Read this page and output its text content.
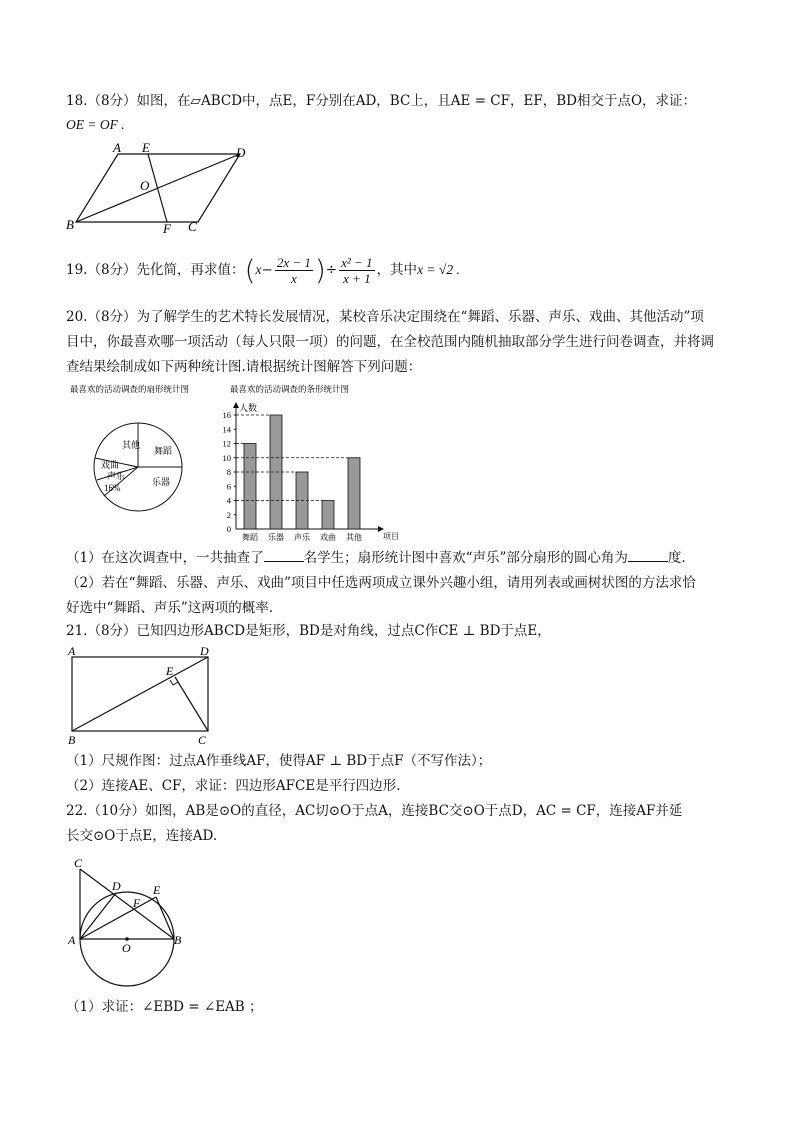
18.（8分）如图，在▱ABCD中，点E，F分别在AD，BC上，且AE = CF，EF，BD相交于点O，求证：
OE = OF .
A E	D
O
B	F C
19.（8分）先化简，再求值：($x- \frac{2x - 1}{x}$ )÷ $\frac{\text{x² − 1}}{x + 1}$ ，其中x = √2 .
20.（8分）为了解学生的艺术特长发展情况，某校音乐决定围绕在“舞蹈、乐器、声乐、戏曲、其他活动”项
目中，你最喜欢哪一项活动（每人只限一项）的问题，在全校范围内随机抽取部分学生进行问卷调查，并将调
查结果绘制成如下两种统计图.请根据统计图解答下列问题：
最喜欢的活动调查的扇形统计图
其他
舞蹈
乐器
声乐
16%
戏曲
最喜欢的活动调查的条形统计图
人数
项目
0
2
4
6
8
10
12
14
16
舞蹈 乐器 声乐 戏曲 其他
（1）在这次调查中，一共抽查了	名学生；扇形统计图中喜欢“声乐”部分扇形的圆心角为	度.
（2）若在“舞蹈、乐器、声乐、戏曲”项目中任选两项成立课外兴趣小组，请用列表或画树状图的方法求恰
好选中“舞蹈、声乐”这两项的概率.
21.（8分）已知四边形ABCD是矩形，BD是对角线，过点C作CE ⊥ BD于点E，
A	D
E
B	C
（1）尺规作图：过点A作垂线AF，使得AF ⊥ BD于点F（不写作法）；
（2）连接AE、CF，求证：四边形AFCE是平行四边形.
22.（10分）如图，AB是⊙O的直径，AC切⊙O于点A，连接BC交⊙O于点D，AC = CF，连接AF并延
长交⊙O于点E，连接AD.
C
D	E
F
A
O
B
（1）求证：∠EBD = ∠EAB ；
